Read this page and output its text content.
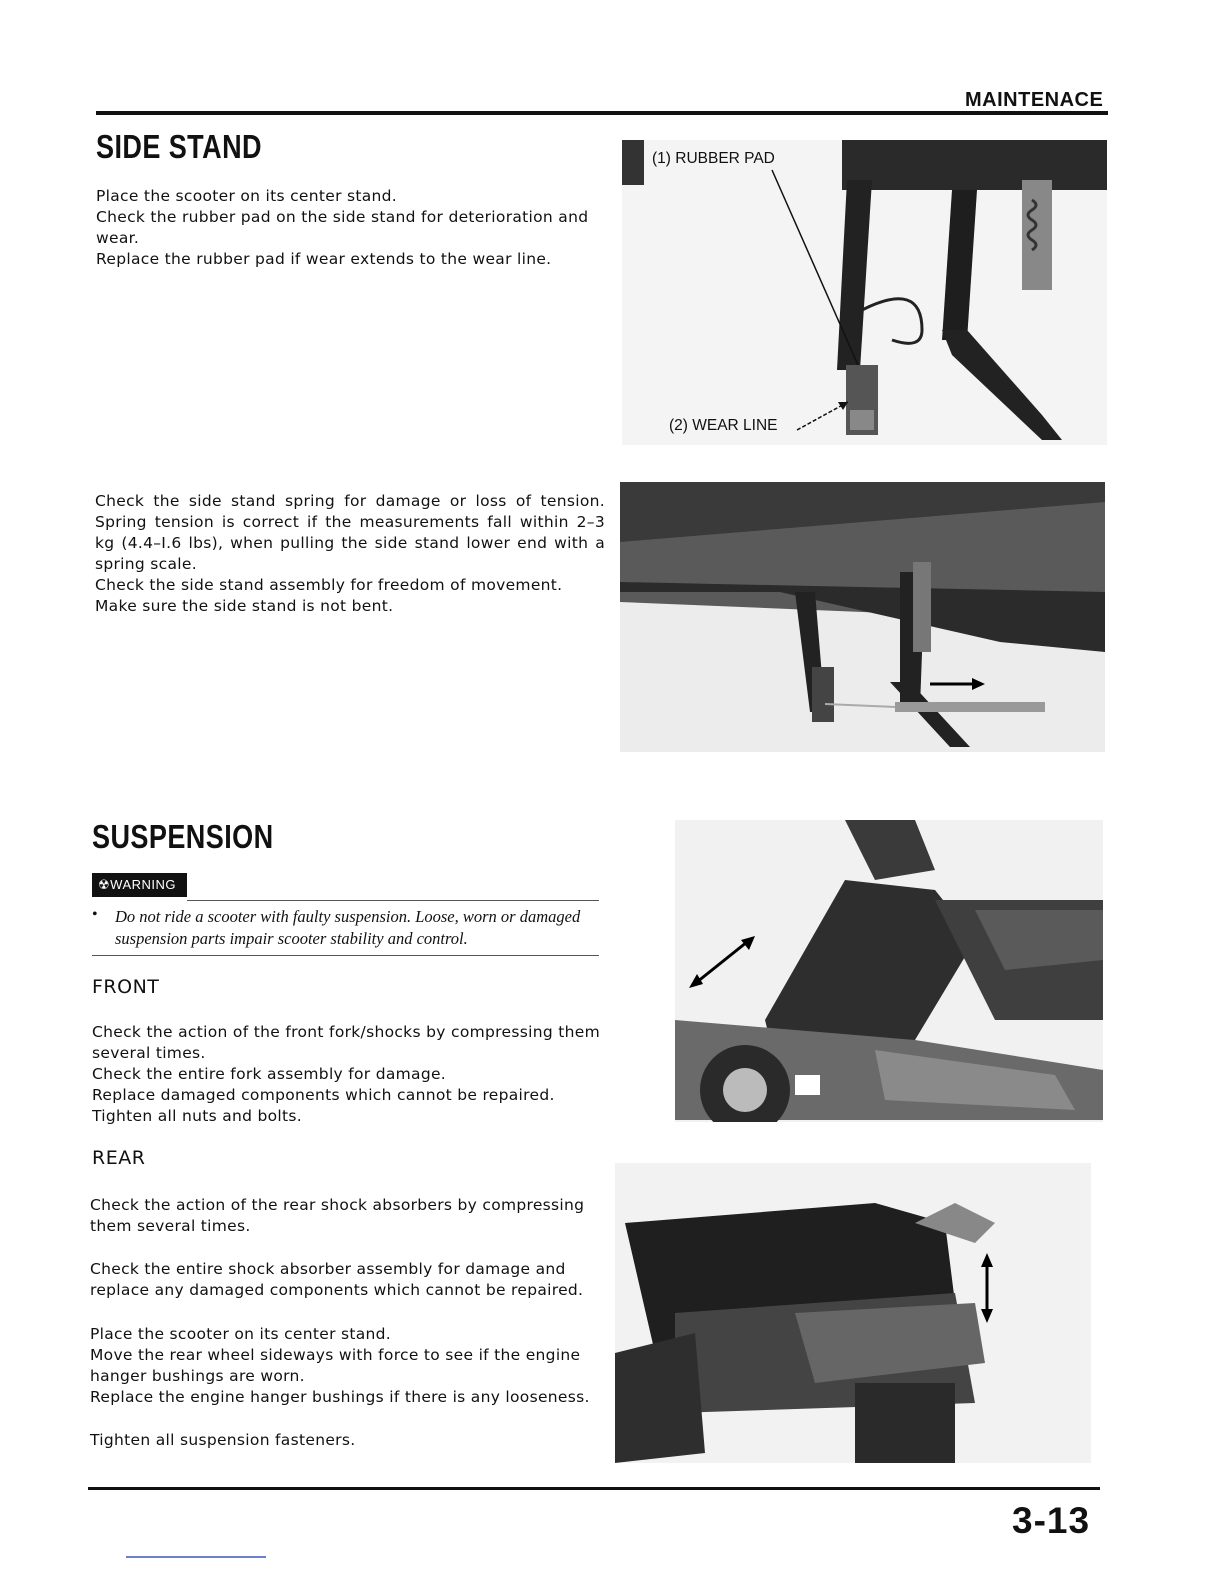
MAINTENACE
SIDE STAND

Place the scooter on its center stand.

Check the rubber pad on the side stand for deterioration and wear.

Replace the rubber pad if wear extends to the wear line.

(1) RUBBER PAD
(2) WEAR LINE

Check the side stand spring for damage or loss of tension. Spring tension is correct if the measurements fall within 2–3 kg (4.4–I.6 lbs), when pulling the side stand lower end with a spring scale.

Check the side stand assembly for freedom of movement.

Make sure the side stand is not bent.

SUSPENSION
☢WARNING
• Do not ride a scooter with faulty suspension. Loose, worn or damaged suspension parts impair scooter stability and control.
FRONT

Check the action of the front fork/shocks by compressing them several times.

Check the entire fork assembly for damage.

Replace damaged components which cannot be repaired.

Tighten all nuts and bolts.

REAR
Check the action of the rear shock absorbers by compressing them several times.
Check the entire shock absorber assembly for damage and replace any damaged components which cannot be repaired.

Place the scooter on its center stand.

Move the rear wheel sideways with force to see if the engine hanger bushings are worn.

Replace the engine hanger bushings if there is any looseness.

Tighten all suspension fasteners.
3-13
